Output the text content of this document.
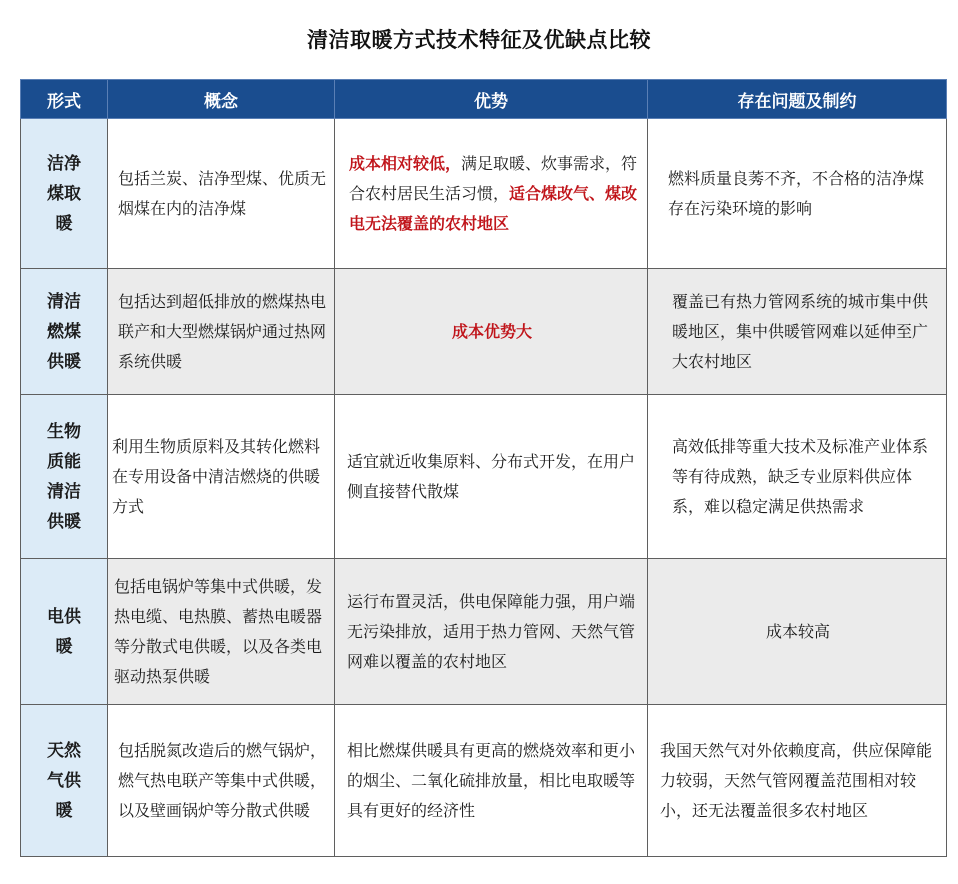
清洁取暖方式技术特征及优缺点比较
形式	概念	优势	存在问题及制约
洁净煤取暖	包括兰炭、洁净型煤、优质无烟煤在内的洁净煤	成本相对较低，满足取暖、炊事需求，符合农村居民生活习惯，适合煤改气、煤改电无法覆盖的农村地区	燃料质量良莠不齐，不合格的洁净煤存在污染环境的影响
清洁燃煤供暖	包括达到超低排放的燃煤热电联产和大型燃煤锅炉通过热网系统供暖	成本优势大	覆盖已有热力管网系统的城市集中供暖地区，集中供暖管网难以延伸至广大农村地区
生物质能清洁供暖	利用生物质原料及其转化燃料在专用设备中清洁燃烧的供暖方式	适宜就近收集原料、分布式开发，在用户侧直接替代散煤	高效低排等重大技术及标准产业体系等有待成熟，缺乏专业原料供应体系，难以稳定满足供热需求
电供暖	包括电锅炉等集中式供暖，发热电缆、电热膜、蓄热电暖器等分散式电供暖，以及各类电驱动热泵供暖	运行布置灵活，供电保障能力强，用户端无污染排放，适用于热力管网、天然气管网难以覆盖的农村地区	成本较高
天然气供暖	包括脱氮改造后的燃气锅炉，燃气热电联产等集中式供暖，以及壁画锅炉等分散式供暖	相比燃煤供暖具有更高的燃烧效率和更小的烟尘、二氧化硫排放量，相比电取暖等具有更好的经济性	我国天然气对外依赖度高，供应保障能力较弱，天然气管网覆盖范围相对较小，还无法覆盖很多农村地区
